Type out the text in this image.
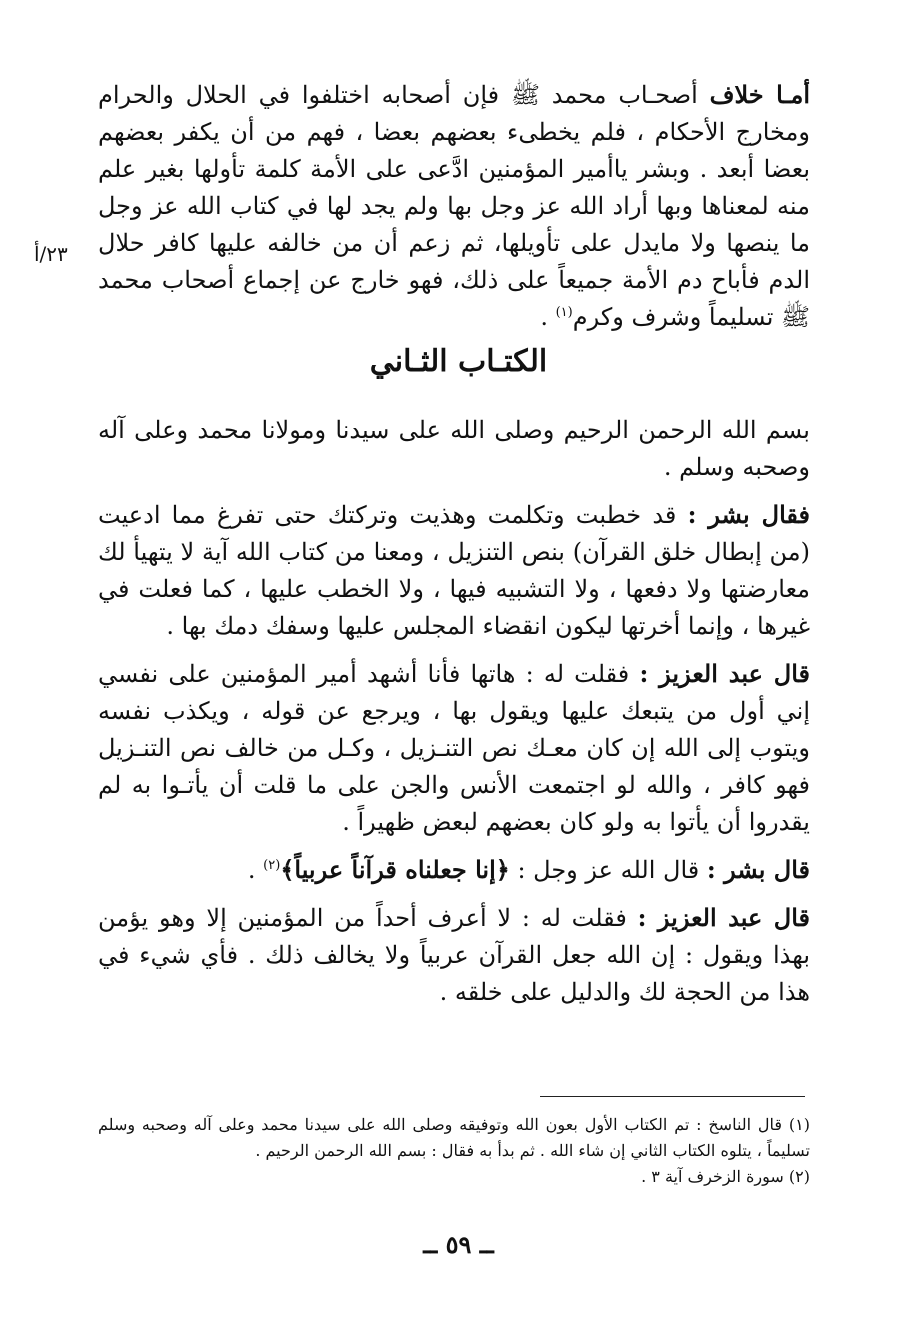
أمـا خلاف أصحـاب محمد ﷺ فإن أصحابه اختلفوا في الحلال والحرام ومخارج الأحكام ، فلم يخطىء بعضهم بعضا ، فهم من أن يكفر بعضهم بعضا أبعد . وبشر ياأمير المؤمنين ادَّعى على الأمة كلمة تأولها بغير علم منه لمعناها وبها أراد الله عز وجل بها ولم يجد لها في كتاب الله عز وجل ما ينصها ولا مايدل على تأويلها، ثم زعم أن من خالفه عليها كافر حلال الدم فأباح دم الأمة جميعاً على ذلك، فهو خارج عن إجماع أصحاب محمد ﷺ تسليماً وشرف وكرم$^{(١)}$ .

٢٣/أ
الكتـاب الثـاني

بسم الله الرحمن الرحيم وصلى الله على سيدنا ومولانا محمد وعلى آله وصحبه وسلم .

فقال بشر : قد خطبت وتكلمت وهذيت وتركتك حتى تفرغ مما ادعيت (من إبطال خلق القرآن) بنص التنزيل ، ومعنا من كتاب الله آية لا يتهيأ لك معارضتها ولا دفعها ، ولا التشبيه فيها ، ولا الخطب عليها ، كما فعلت في غيرها ، وإنما أخرتها ليكون انقضاء المجلس عليها وسفك دمك بها .

قال عبد العزيز : فقلت له : هاتها فأنا أشهد أمير المؤمنين على نفسي إني أول من يتبعك عليها ويقول بها ، ويرجع عن قوله ، ويكذب نفسه ويتوب إلى الله إن كان معـك نص التنـزيل ، وكـل من خالف نص التنـزيل فهو كافر ، والله لو اجتمعت الأنس والجن على ما قلت أن يأتـوا به لم يقدروا أن يأتوا به ولو كان بعضهم لبعض ظهيراً .

قال بشر : قال الله عز وجل : ﴿إنا جعلناه قرآناً عربياً﴾$^{(٢)}$ .

قال عبد العزيز : فقلت له : لا أعرف أحداً من المؤمنين إلا وهو يؤمن بهذا ويقول : إن الله جعل القرآن عربياً ولا يخالف ذلك . فأي شيء في هذا من الحجة لك والدليل على خلقه .

(١) قال الناسخ : تم الكتاب الأول بعون الله وتوفيقه وصلى الله على سيدنا محمد وعلى آله وصحبه وسلم تسليماً ، يتلوه الكتاب الثاني إن شاء الله . ثم بدأ به فقال : بسم الله الرحمن الرحيم .

(٢) سورة الزخرف آية ٣ .

ــ ٥٩ ــ
